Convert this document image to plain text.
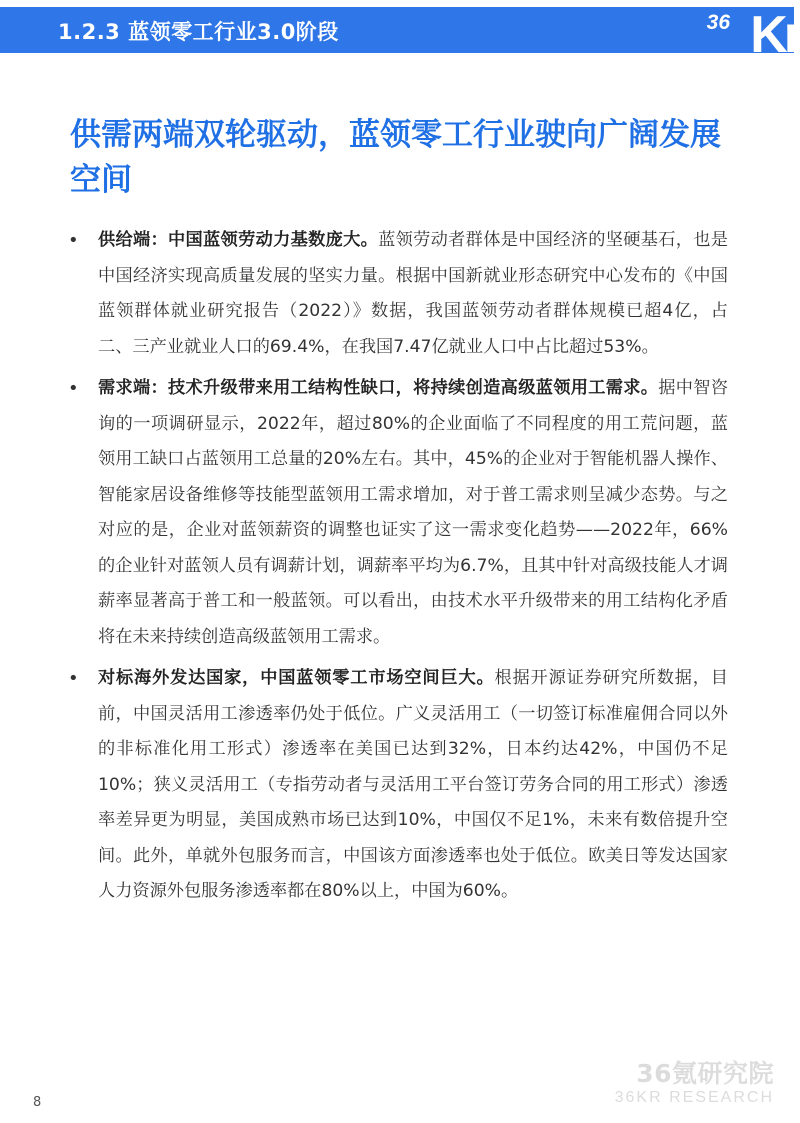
1.2.3 蓝领零工行业3.0阶段	36 Kr
供需两端双轮驱动，蓝领零工行业驶向广阔发展空间
• 供给端：中国蓝领劳动力基数庞大。蓝领劳动者群体是中国经济的坚硬基石，也是中国经济实现高质量发展的坚实力量。根据中国新就业形态研究中心发布的《中国蓝领群体就业研究报告（2022）》数据，我国蓝领劳动者群体规模已超4亿，占二、三产业就业人口的69.4%，在我国7.47亿就业人口中占比超过53%。
• 需求端：技术升级带来用工结构性缺口，将持续创造高级蓝领用工需求。据中智咨询的一项调研显示，2022年，超过80%的企业面临了不同程度的用工荒问题，蓝领用工缺口占蓝领用工总量的20%左右。其中，45%的企业对于智能机器人操作、智能家居设备维修等技能型蓝领用工需求增加，对于普工需求则呈减少态势。与之对应的是，企业对蓝领薪资的调整也证实了这一需求变化趋势——2022年，66%的企业针对蓝领人员有调薪计划，调薪率平均为6.7%，且其中针对高级技能人才调薪率显著高于普工和一般蓝领。可以看出，由技术水平升级带来的用工结构化矛盾将在未来持续创造高级蓝领用工需求。
• 对标海外发达国家，中国蓝领零工市场空间巨大。根据开源证券研究所数据，目前，中国灵活用工渗透率仍处于低位。广义灵活用工（一切签订标准雇佣合同以外的非标准化用工形式）渗透率在美国已达到32%，日本约达42%，中国仍不足10%；狭义灵活用工（专指劳动者与灵活用工平台签订劳务合同的用工形式）渗透率差异更为明显，美国成熟市场已达到10%，中国仅不足1%，未来有数倍提升空间。此外，单就外包服务而言，中国该方面渗透率也处于低位。欧美日等发达国家人力资源外包服务渗透率都在80%以上，中国为60%。
8
36氪研究院
36KR RESEARCH
